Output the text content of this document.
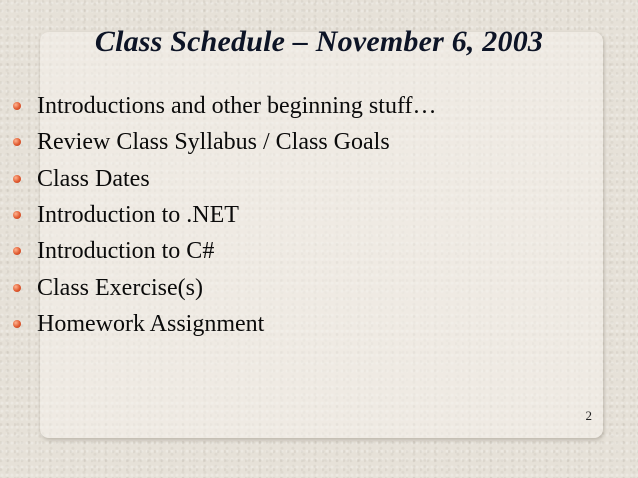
Class Schedule – November 6, 2003
Introductions and other beginning stuff…
Review Class Syllabus / Class Goals
Class Dates
Introduction to .NET
Introduction to C#
Class Exercise(s)
Homework Assignment
2
